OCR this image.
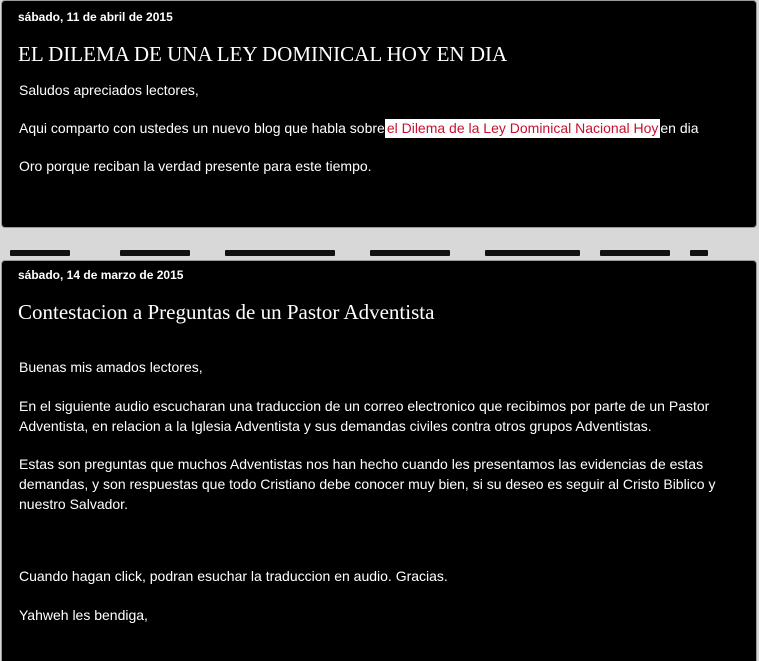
sábado, 11 de abril de 2015
EL DILEMA DE UNA LEY DOMINICAL HOY EN DIA

Saludos apreciados lectores,

Aqui comparto con ustedes un nuevo blog que habla sobre el Dilema de la Ley Dominical Nacional Hoy en dia

Oro porque reciban la verdad presente para este tiempo.

sábado, 14 de marzo de 2015
Contestacion a Preguntas de un Pastor Adventista

Buenas mis amados lectores,

En el siguiente audio escucharan una traduccion de un correo electronico que recibimos por parte de un Pastor Adventista, en relacion a la Iglesia Adventista y sus demandas civiles contra otros grupos Adventistas.

Estas son preguntas que muchos Adventistas nos han hecho cuando les presentamos las evidencias de estas demandas, y son respuestas que todo Cristiano debe conocer muy bien, si su deseo es seguir al Cristo Biblico y nuestro Salvador.

Cuando hagan click, podran esuchar la traduccion en audio. Gracias.

Yahweh les bendiga,
